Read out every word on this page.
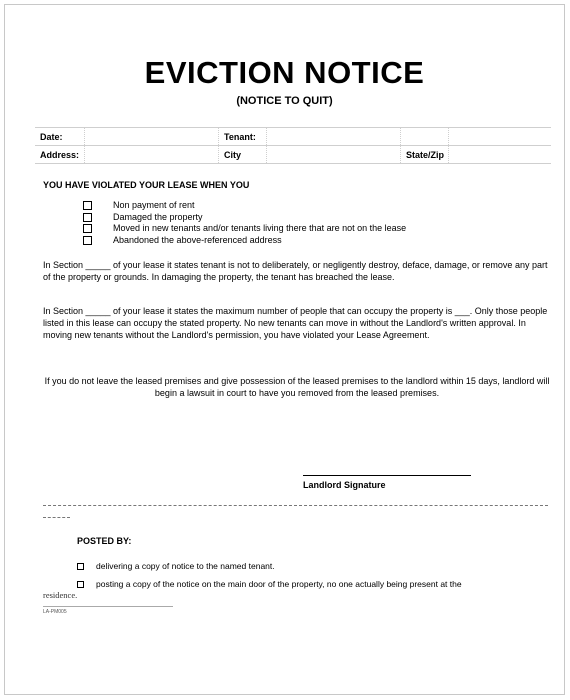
EVICTION NOTICE
(NOTICE TO QUIT)
Date:		Tenant:			
Address:		City		State/Zip	
YOU HAVE VIOLATED YOUR LEASE WHEN YOU
Non payment of rent
Damaged the property
Moved in new tenants and/or tenants living there that are not on the lease
Abandoned the above-referenced address

In Section _____ of your lease it states tenant is not to deliberately, or negligently destroy, deface, damage, or remove any part of the property or grounds. In damaging the property, the tenant has breached the lease.

In Section _____ of your lease it states the maximum number of people that can occupy the property is ___. Only those people listed in this lease can occupy the stated property. No new tenants can move in without the Landlord's written approval. In moving new tenants without the Landlord's permission, you have violated your Lease Agreement.

If you do not leave the leased premises and give possession of the leased premises to the landlord within 15 days, landlord will begin a lawsuit in court to have you removed from the leased premises.
Landlord Signature
POSTED BY:
delivering a copy of notice to the named tenant.
posting a copy of the notice on the main door of the property, no one actually being present at the
residence.
LA-PM005
